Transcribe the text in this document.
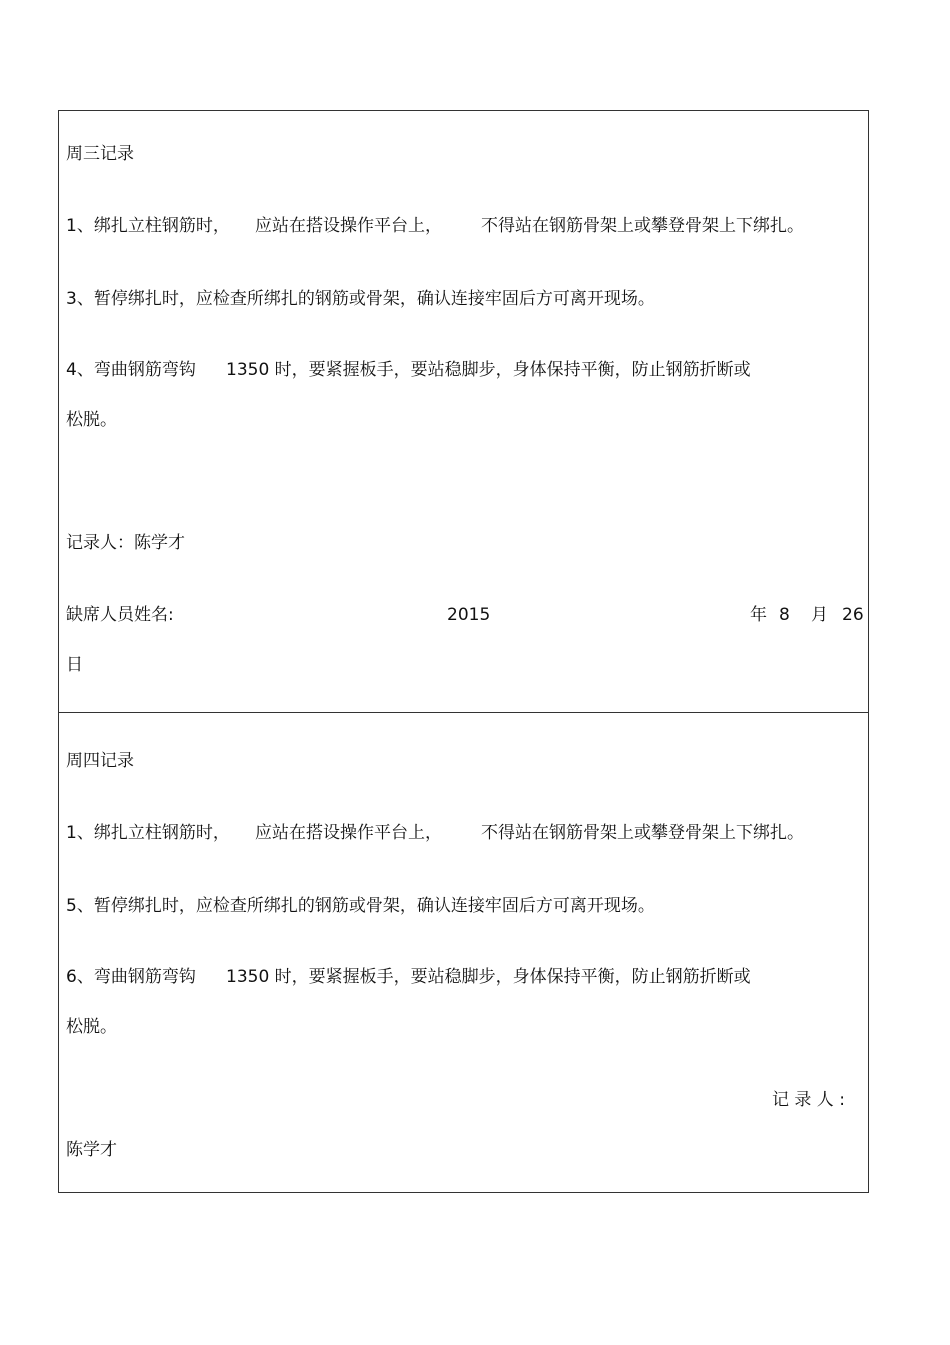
周三记录
1、绑扎立柱钢筋时， 应站在搭设操作平台上， 不得站在钢筋骨架上或攀登骨架上下绑扎。
3、暂停绑扎时，应检查所绑扎的钢筋或骨架，确认连接牢固后方可离开现场。
4、弯曲钢筋弯钩 1350 时，要紧握板手，要站稳脚步，身体保持平衡，防止钢筋折断或
松脱。
记录人：陈学才
缺席人员姓名:	2015	年 8 月 26
日
周四记录
1、绑扎立柱钢筋时， 应站在搭设操作平台上， 不得站在钢筋骨架上或攀登骨架上下绑扎。
5、暂停绑扎时，应检查所绑扎的钢筋或骨架，确认连接牢固后方可离开现场。
6、弯曲钢筋弯钩 1350 时，要紧握板手，要站稳脚步，身体保持平衡，防止钢筋折断或
松脱。
记 录 人 :
陈学才
